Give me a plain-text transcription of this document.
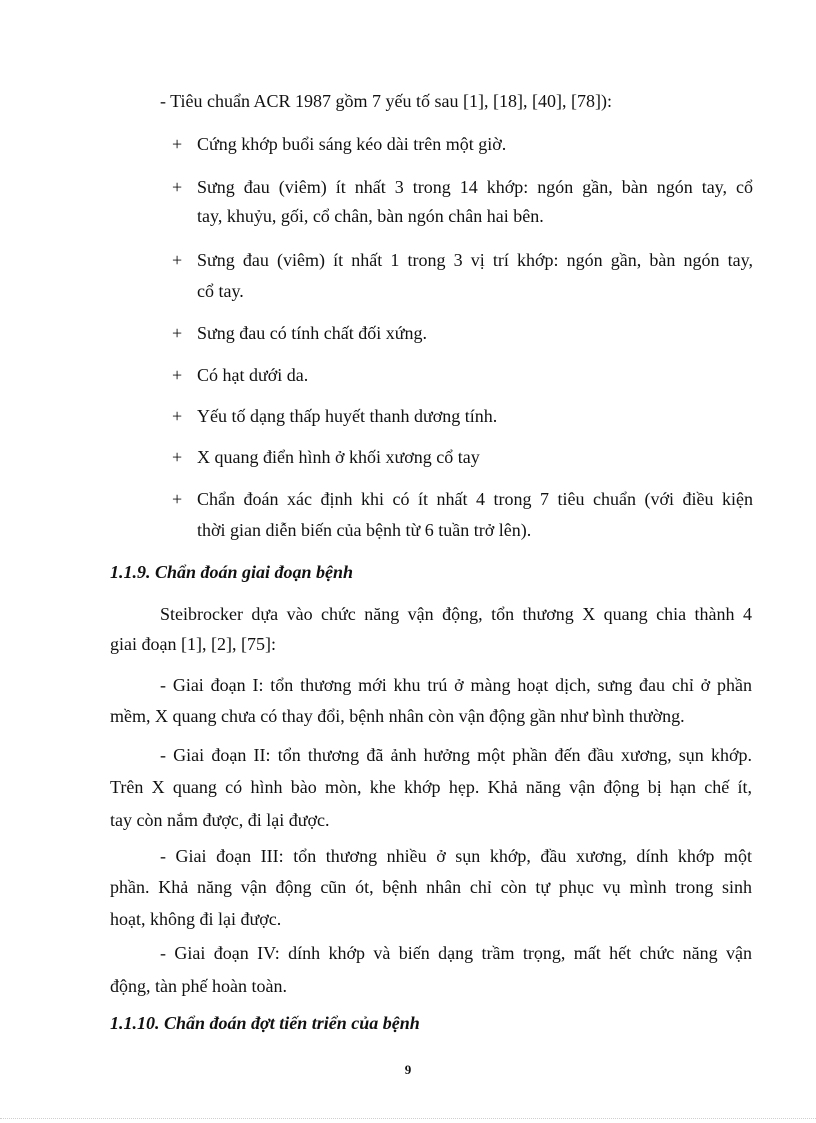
- Tiêu chuẩn ACR 1987 gồm 7 yếu tố sau [1], [18], [40], [78]):
+ Cứng khớp buổi sáng kéo dài trên một giờ.
+ Sưng đau (viêm) ít nhất 3 trong 14 khớp: ngón gần, bàn ngón tay, cổ
tay, khuỷu, gối, cổ chân, bàn ngón chân hai bên.
+ Sưng đau (viêm) ít nhất 1 trong 3 vị trí khớp: ngón gần, bàn ngón tay,
cổ tay.
+ Sưng đau có tính chất đối xứng.
+ Có hạt dưới da.
+ Yếu tố dạng thấp huyết thanh dương tính.
+ X quang điển hình ở khối xương cổ tay
+ Chẩn đoán xác định khi có ít nhất 4 trong 7 tiêu chuẩn (với điều kiện
thời gian diễn biến của bệnh từ 6 tuần trở lên).
1.1.9. Chẩn đoán giai đoạn bệnh
Steibrocker dựa vào chức năng vận động, tổn thương X quang chia thành 4
giai đoạn [1], [2], [75]:
- Giai đoạn I: tổn thương mới khu trú ở màng hoạt dịch, sưng đau chỉ ở phần
mềm, X quang chưa có thay đổi, bệnh nhân còn vận động gần như bình thường.
- Giai đoạn II: tổn thương đã ảnh hưởng một phần đến đầu xương, sụn khớp.
Trên X quang có hình bào mòn, khe khớp hẹp. Khả năng vận động bị hạn chế ít,
tay còn nắm được, đi lại được.
- Giai đoạn III: tổn thương nhiều ở sụn khớp, đầu xương, dính khớp một
phần. Khả năng vận động cũn ót, bệnh nhân chỉ còn tự phục vụ mình trong sinh
hoạt, không đi lại được.
- Giai đoạn IV: dính khớp và biến dạng trầm trọng, mất hết chức năng vận
động, tàn phế hoàn toàn.
1.1.10. Chẩn đoán đợt tiến triển của bệnh
9
